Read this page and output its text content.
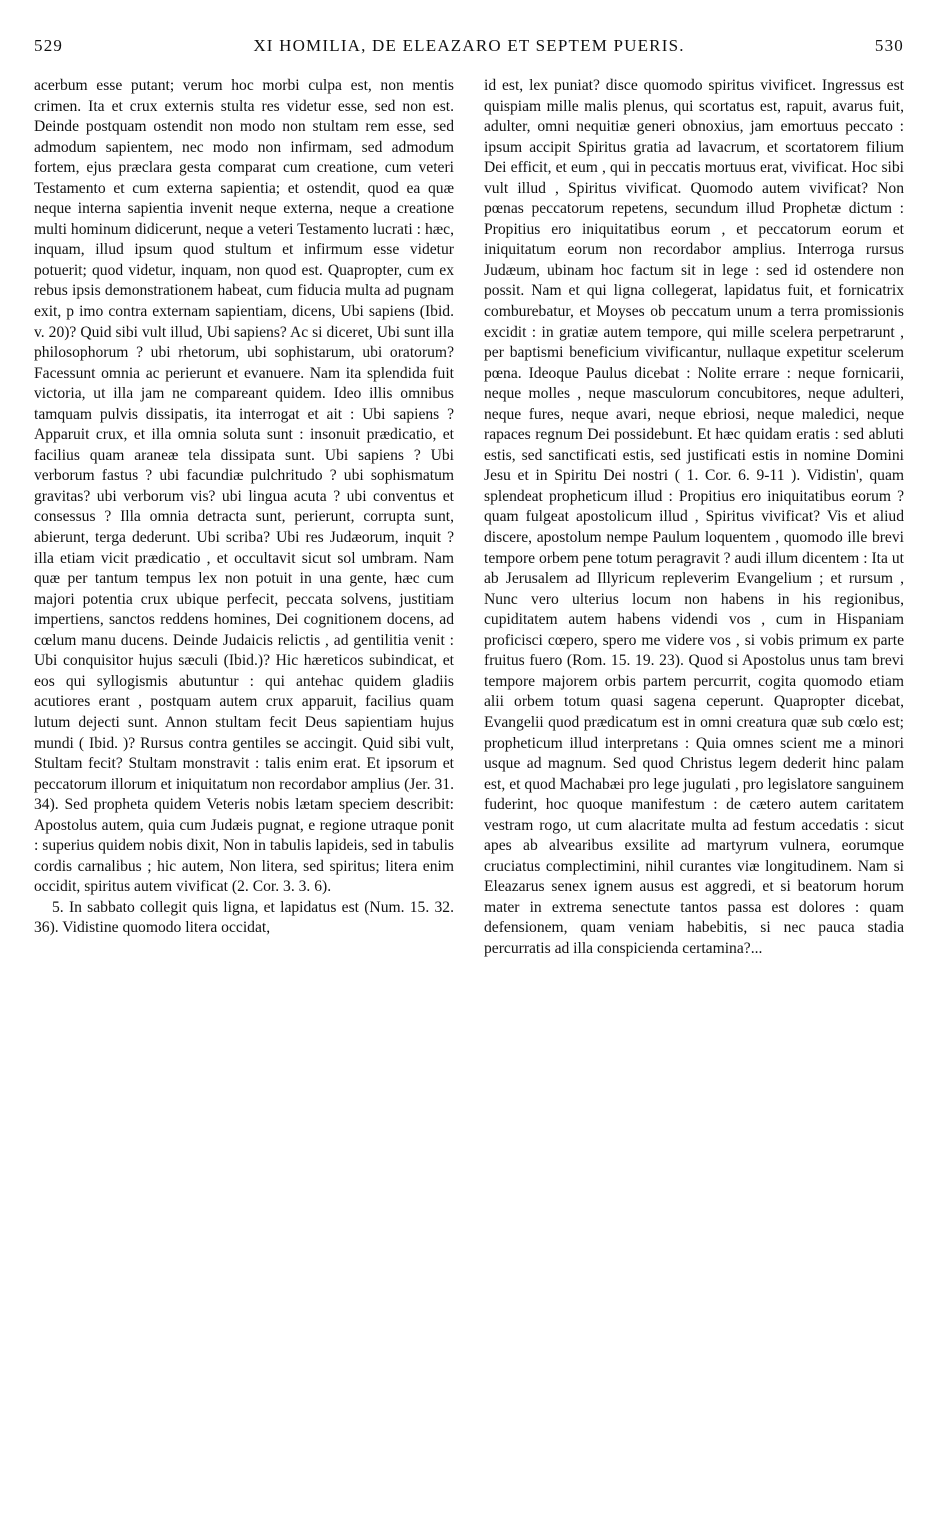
529	XI HOMILIA, DE ELEAZARO ET SEPTEM PUERIS.	530

acerbum esse putant; verum hoc morbi culpa est, non mentis crimen. Ita et crux externis stulta res videtur esse, sed non est. Deinde postquam ostendit non modo non stultam rem esse, sed admodum sapientem, nec modo non infirmam, sed admodum fortem, ejus præclara gesta comparat cum creatione, cum veteri Testamento et cum externa sapientia; et ostendit, quod ea quæ neque interna sapientia invenit neque externa, neque a creatione multi hominum didicerunt, neque a veteri Testamento lucrati : hæc, inquam, illud ipsum quod stultum et infirmum esse videtur potuerit; quod videtur, inquam, non quod est. Quapropter, cum ex rebus ipsis demonstrationem habeat, cum fiducia multa ad pugnam exit, p imo contra externam sapientiam, dicens, Ubi sapiens (Ibid. v. 20)? Quid sibi vult illud, Ubi sapiens? Ac si diceret, Ubi sunt illa philosophorum ? ubi rhetorum, ubi sophistarum, ubi oratorum? Facessunt omnia ac perierunt et evanuere. Nam ita splendida fuit victoria, ut illa jam ne compareant quidem. Ideo illis omnibus tamquam pulvis dissipatis, ita interrogat et ait : Ubi sapiens ? Apparuit crux, et illa omnia soluta sunt : insonuit prædicatio, et facilius quam araneæ tela dissipata sunt. Ubi sapiens ? Ubi verborum fastus ? ubi facundiæ pulchritudo ? ubi sophismatum gravitas? ubi verborum vis? ubi lingua acuta ? ubi conventus et consessus ? Illa omnia detracta sunt, perierunt, corrupta sunt, abierunt, terga dederunt. Ubi scriba? Ubi res Judæorum, inquit ? illa etiam vicit prædicatio , et occultavit sicut sol umbram. Nam quæ per tantum tempus lex non potuit in una gente, hæc cum majori potentia crux ubique perfecit, peccata solvens, justitiam impertiens, sanctos reddens homines, Dei cognitionem docens, ad cœlum manu ducens. Deinde Judaicis relictis , ad gentilitia venit : Ubi conquisitor hujus sæculi (Ibid.)? Hic hæreticos subindicat, et eos qui syllogismis abutuntur : qui antehac quidem gladiis acutiores erant , postquam autem crux apparuit, facilius quam lutum dejecti sunt. Annon stultam fecit Deus sapientiam hujus mundi ( Ibid. )? Rursus contra gentiles se accingit. Quid sibi vult, Stultam fecit? Stultam monstravit : talis enim erat. Et ipsorum et peccatorum illorum et iniquitatum non recordabor amplius (Jer. 31. 34). Sed propheta quidem Veteris nobis lætam speciem describit: Apostolus autem, quia cum Judæis pugnat, e regione utraque ponit : superius quidem nobis dixit, Non in tabulis lapideis, sed in tabulis cordis carnalibus ; hic autem, Non litera, sed spiritus; litera enim occidit, spiritus autem vivificat (2. Cor. 3. 3. 6).

5. In sabbato collegit quis ligna, et lapidatus est (Num. 15. 32. 36). Vidistine quomodo litera occidat,

id est, lex puniat? disce quomodo spiritus vivificet. Ingressus est quispiam mille malis plenus, qui scortatus est, rapuit, avarus fuit, adulter, omni nequitiæ generi obnoxius, jam emortuus peccato : ipsum accipit Spiritus gratia ad lavacrum, et scortatorem filium Dei efficit, et eum , qui in peccatis mortuus erat, vivificat. Hoc sibi vult illud , Spiritus vivificat. Quomodo autem vivificat? Non pœnas peccatorum repetens, secundum illud Prophetæ dictum : Propitius ero iniquitatibus eorum , et peccatorum eorum et iniquitatum eorum non recordabor amplius. Interroga rursus Judæum, ubinam hoc factum sit in lege : sed id ostendere non possit. Nam et qui ligna collegerat, lapidatus fuit, et fornicatrix comburebatur, et Moyses ob peccatum unum a terra promissionis excidit : in gratiæ autem tempore, qui mille scelera perpetrarunt , per baptismi beneficium vivificantur, nullaque expetitur scelerum pœna. Ideoque Paulus dicebat : Nolite errare : neque fornicarii, neque molles , neque masculorum concubitores, neque adulteri, neque fures, neque avari, neque ebriosi, neque maledici, neque rapaces regnum Dei possidebunt. Et hæc quidam eratis : sed abluti estis, sed sanctificati estis, sed justificati estis in nomine Domini Jesu et in Spiritu Dei nostri ( 1. Cor. 6. 9-11 ). Vidistin', quam splendeat propheticum illud : Propitius ero iniquitatibus eorum ? quam fulgeat apostolicum illud , Spiritus vivificat? Vis et aliud discere, apostolum nempe Paulum loquentem , quomodo ille brevi tempore orbem pene totum peragravit ? audi illum dicentem : Ita ut ab Jerusalem ad Illyricum repleverim Evangelium ; et rursum , Nunc vero ulterius locum non habens in his regionibus, cupiditatem autem habens videndi vos , cum in Hispaniam proficisci cœpero, spero me videre vos , si vobis primum ex parte fruitus fuero (Rom. 15. 19. 23). Quod si Apostolus unus tam brevi tempore majorem orbis partem percurrit, cogita quomodo etiam alii orbem totum quasi sagena ceperunt. Quapropter dicebat, Evangelii quod prædicatum est in omni creatura quæ sub cœlo est; propheticum illud interpretans : Quia omnes scient me a minori usque ad magnum. Sed quod Christus legem dederit hinc palam est, et quod Machabæi pro lege jugulati , pro legislatore sanguinem fuderint, hoc quoque manifestum : de cætero autem caritatem vestram rogo, ut cum alacritate multa ad festum accedatis : sicut apes ab alvearibus exsilite ad martyrum vulnera, eorumque cruciatus complectimini, nihil curantes viæ longitudinem. Nam si Eleazarus senex ignem ausus est aggredi, et si beatorum horum mater in extrema senectute tantos passa est dolores : quam defensionem, quam veniam habebitis, si nec pauca stadia percurratis ad illa conspicienda certamina?...
